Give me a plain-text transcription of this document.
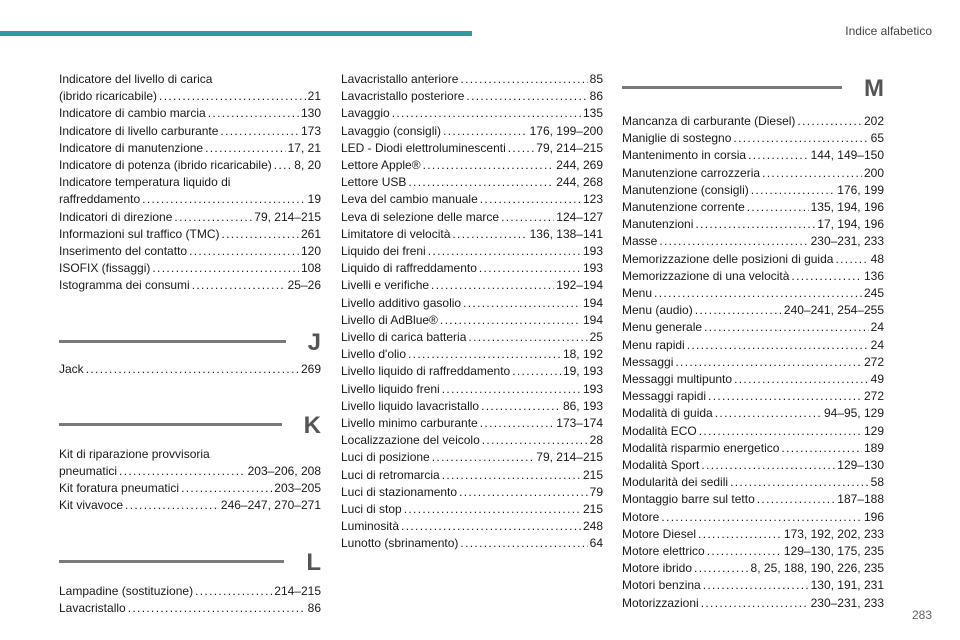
Indice alfabetico
Indicatore del livello di carica
(ibrido ricaricabile) . . .	21
Indicatore di cambio marcia . . .	130
Indicatore di livello carburante . . .	173
Indicatore di manutenzione . . .	17, 21
Indicatore di potenza (ibrido ricaricabile) . . . 8, 20
Indicatore temperatura liquido di
raffreddamento . . .	19
Indicatori di direzione . . .	79, 214–215
Informazioni sul traffico (TMC) . . .	261
Inserimento del contatto . . .	120
ISOFIX (fissaggi) . . .	108
Istogramma dei consumi . . .	25–26
J
Jack . . .	269
K
Kit di riparazione provvisoria
pneumatici . . .	203–206, 208
Kit foratura pneumatici . . .	203–205
Kit vivavoce . . .	246–247, 270–271
L
Lampadine (sostituzione) . . .	214–215
Lavacristallo . . .	86
Lavacristallo anteriore . . .	85
Lavacristallo posteriore . . .	86
Lavaggio . . .	135
Lavaggio (consigli) . . .	176, 199–200
LED - Diodi elettroluminescenti . . .	79, 214–215
Lettore Apple® . . .	244, 269
Lettore USB . . .	244, 268
Leva del cambio manuale . . .	123
Leva di selezione delle marce . . .	124–127
Limitatore di velocità . . .	136, 138–141
Liquido dei freni . . .	193
Liquido di raffreddamento . . .	193
Livelli e verifiche . . .	192–194
Livello additivo gasolio . . .	194
Livello di AdBlue® . . .	194
Livello di carica batteria . . .	25
Livello d'olio . . .	18, 192
Livello liquido di raffreddamento . . .	19, 193
Livello liquido freni . . .	193
Livello liquido lavacristallo . . .	86, 193
Livello minimo carburante . . .	173–174
Localizzazione del veicolo . . .	28
Luci di posizione . . .	79, 214–215
Luci di retromarcia . . .	215
Luci di stazionamento . . .	79
Luci di stop . . .	215
Luminosità . . .	248
Lunotto (sbrinamento) . . .	64
M
Mancanza di carburante (Diesel) . . .	202
Maniglie di sostegno . . .	65
Mantenimento in corsia . . .	144, 149–150
Manutenzione carrozzeria . . .	200
Manutenzione (consigli) . . .	176, 199
Manutenzione corrente . . .	135, 194, 196
Manutenzioni . . .	17, 194, 196
Masse . . .	230–231, 233
Memorizzazione delle posizioni di guida . . .	48
Memorizzazione di una velocità . . .	136
Menu . . .	245
Menu (audio) . . .	240–241, 254–255
Menu generale . . .	24
Menu rapidi . . .	24
Messaggi . . .	272
Messaggi multipunto . . .	49
Messaggi rapidi . . .	272
Modalità di guida . . .	94–95, 129
Modalità ECO . . .	129
Modalità risparmio energetico . . .	189
Modalità Sport . . .	129–130
Modularità dei sedili . . .	58
Montaggio barre sul tetto . . .	187–188
Motore . . .	196
Motore Diesel . . .	173, 192, 202, 233
Motore elettrico . . .	129–130, 175, 235
Motore ibrido . . .	8, 25, 188, 190, 226, 235
Motori benzina . . .	130, 191, 231
Motorizzazioni . . .	230–231, 233
283
